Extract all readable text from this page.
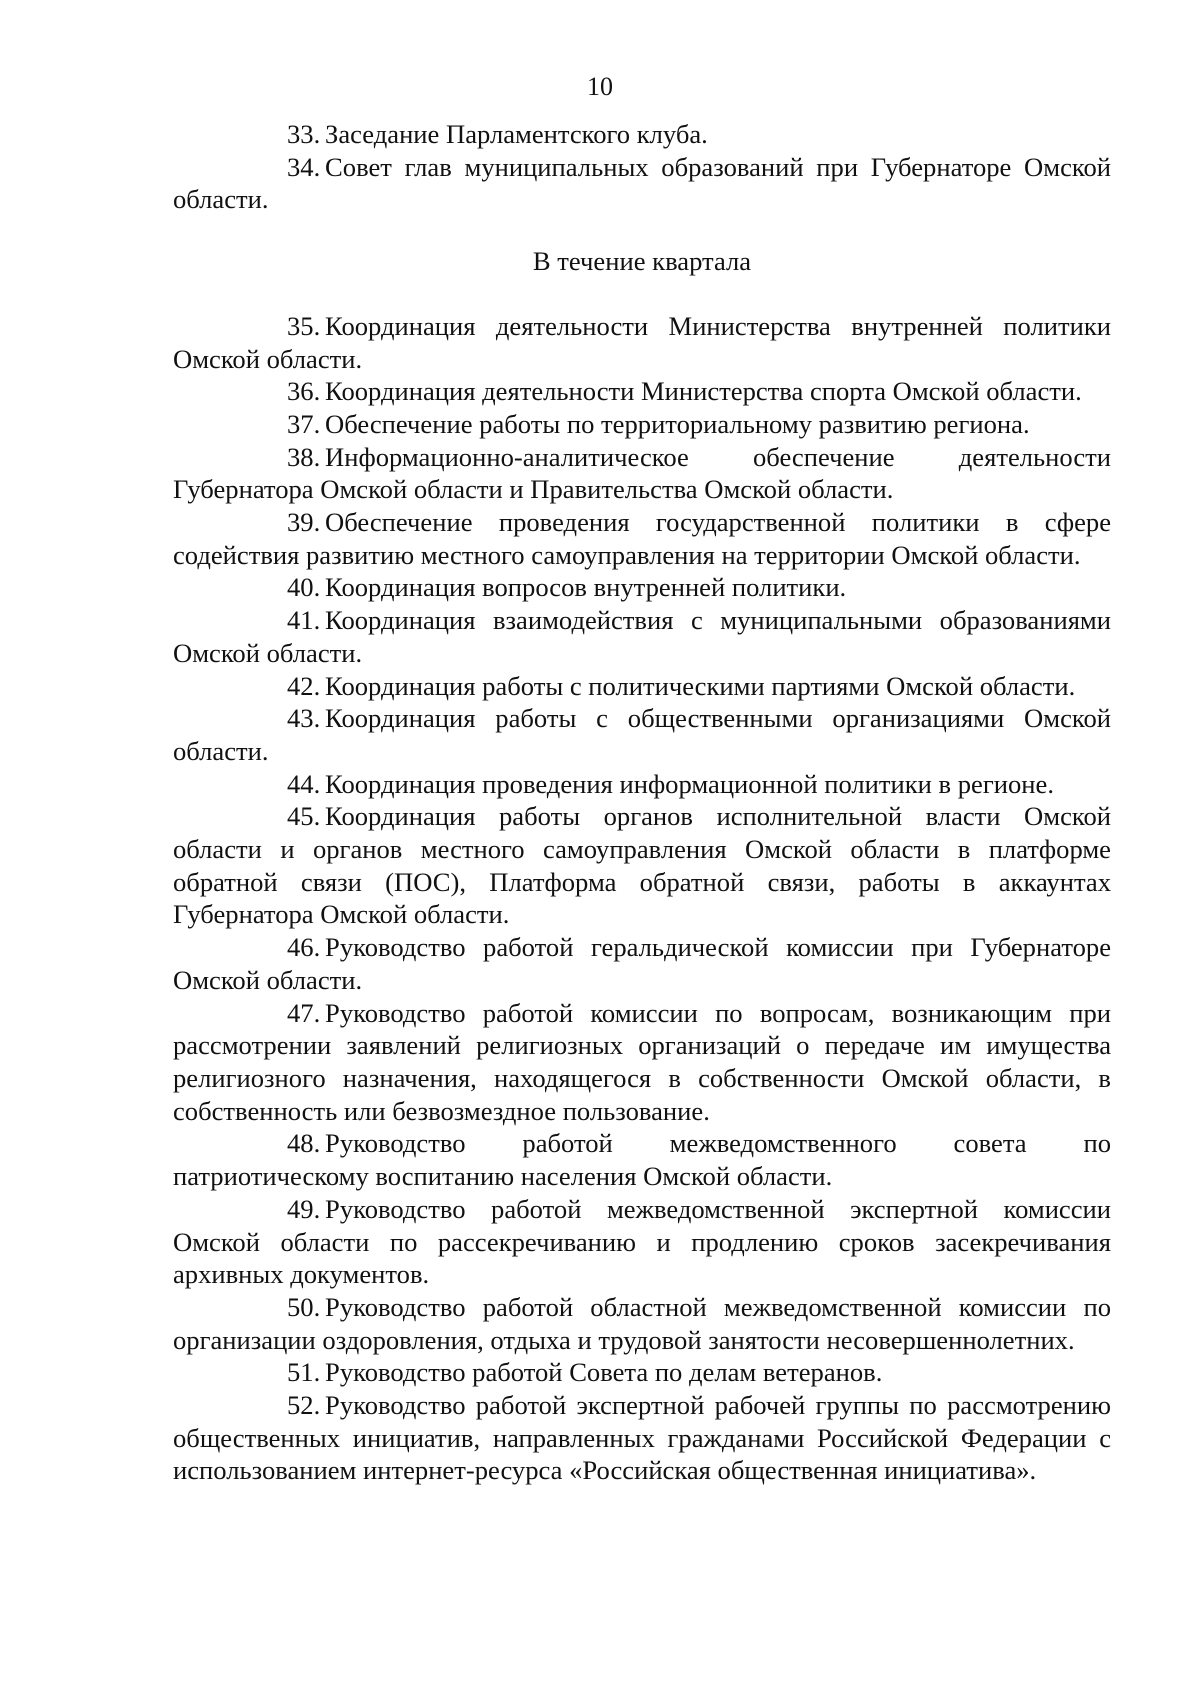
10

33. Заседание Парламентского клуба.

34. Совет глав муниципальных образований при Губернаторе Омской области.

В течение квартала

35. Координация деятельности Министерства внутренней политики Омской области.

36. Координация деятельности Министерства спорта Омской области.

37. Обеспечение работы по территориальному развитию региона.

38. Информационно-аналитическое обеспечение деятельности Губернатора Омской области и Правительства Омской области.

39. Обеспечение проведения государственной политики в сфере содействия развитию местного самоуправления на территории Омской области.

40. Координация вопросов внутренней политики.

41. Координация взаимодействия с муниципальными образованиями Омской области.

42. Координация работы с политическими партиями Омской области.

43. Координация работы с общественными организациями Омской области.

44. Координация проведения информационной политики в регионе.

45. Координация работы органов исполнительной власти Омской области и органов местного самоуправления Омской области в платформе обратной связи (ПОС), Платформа обратной связи, работы в аккаунтах Губернатора Омской области.

46. Руководство работой геральдической комиссии при Губернаторе Омской области.

47. Руководство работой комиссии по вопросам, возникающим при рассмотрении заявлений религиозных организаций о передаче им имущества религиозного назначения, находящегося в собственности Омской области, в собственность или безвозмездное пользование.

48. Руководство работой межведомственного совета по патриотическому воспитанию населения Омской области.

49. Руководство работой межведомственной экспертной комиссии Омской области по рассекречиванию и продлению сроков засекречивания архивных документов.

50. Руководство работой областной межведомственной комиссии по организации оздоровления, отдыха и трудовой занятости несовершеннолетних.

51. Руководство работой Совета по делам ветеранов.

52. Руководство работой экспертной рабочей группы по рассмотрению общественных инициатив, направленных гражданами Российской Федерации с использованием интернет-ресурса «Российская общественная инициатива».
